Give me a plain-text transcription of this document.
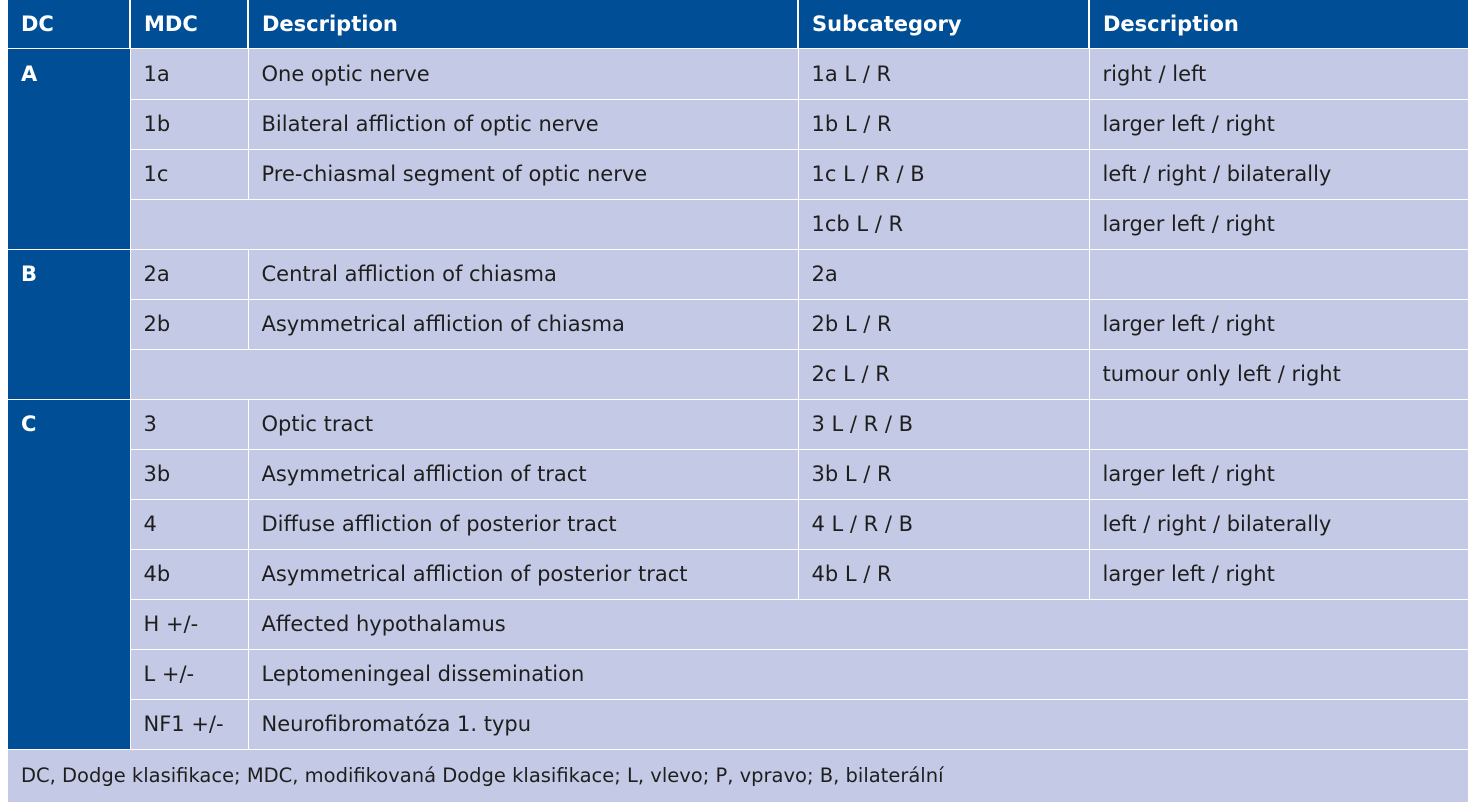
DC	MDC	Description	Subcategory	Description
A	1a	One optic nerve	1a L / R	right / left
	1b	Bilateral affliction of optic nerve	1b L / R	larger left / right
	1c	Pre-chiasmal segment of optic nerve	1c L / R / B	left / right / bilaterally
			1cb L / R	larger left / right
B	2a	Central affliction of chiasma	2a	
	2b	Asymmetrical affliction of chiasma	2b L / R	larger left / right
			2c L / R	tumour only left / right
C	3	Optic tract	3 L / R / B	
	3b	Asymmetrical affliction of tract	3b L / R	larger left / right
	4	Diffuse affliction of posterior tract	4 L / R / B	left / right / bilaterally
	4b	Asymmetrical affliction of posterior tract	4b L / R	larger left / right
	H +/-	Affected hypothalamus		
	L +/-	Leptomeningeal dissemination		
	NF1 +/-	Neurofibromatóza 1. typu		
DC, Dodge klasifikace; MDC, modifikovaná Dodge klasifikace; L, vlevo; P, vpravo; B, bilaterální				
